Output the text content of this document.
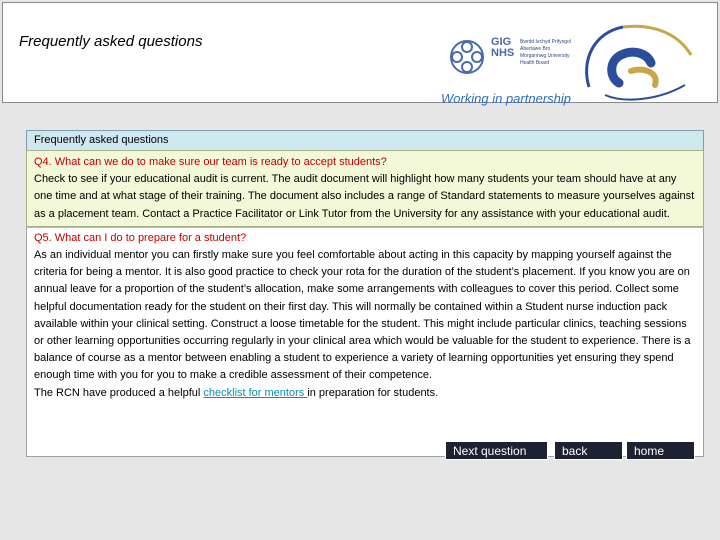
Frequently asked questions	GIG
NHS
Bwrdd Iechyd Prifysgol Abertawe Bro Morgannwg University Health Board
Working in partnership
Frequently asked questions
Q4. What can we do to make sure our team is ready to accept students?
Check to see if your educational audit is current. The audit document will highlight how many students your team should have at any one time and at what stage of their training. The document also includes a range of Standard statements to measure yourselves against as a placement team. Contact a Practice Facilitator or Link Tutor from the University for any assistance with your educational audit.
Q5. What can I do to prepare for a student?
As an individual mentor you can firstly make sure you feel comfortable about acting in this capacity by mapping yourself against the criteria for being a mentor. It is also good practice to check your rota for the duration of the student’s placement. If you know you are on annual leave for a proportion of the student’s allocation, make some arrangements with colleagues to cover this period. Collect some helpful documentation ready for the student on their first day. This will normally be contained within a Student nurse induction pack available within your clinical setting. Construct a loose timetable for the student. This might include particular clinics, teaching sessions or other learning opportunities occurring regularly in your clinical area which would be valuable for the student to experience. There is a balance of course as a mentor between enabling a student to experience a variety of learning opportunities yet ensuring they spend enough time with you for you to make a credible assessment of their competence.
The RCN have produced a helpful checklist for mentors in preparation for students.
Next question	back	home
